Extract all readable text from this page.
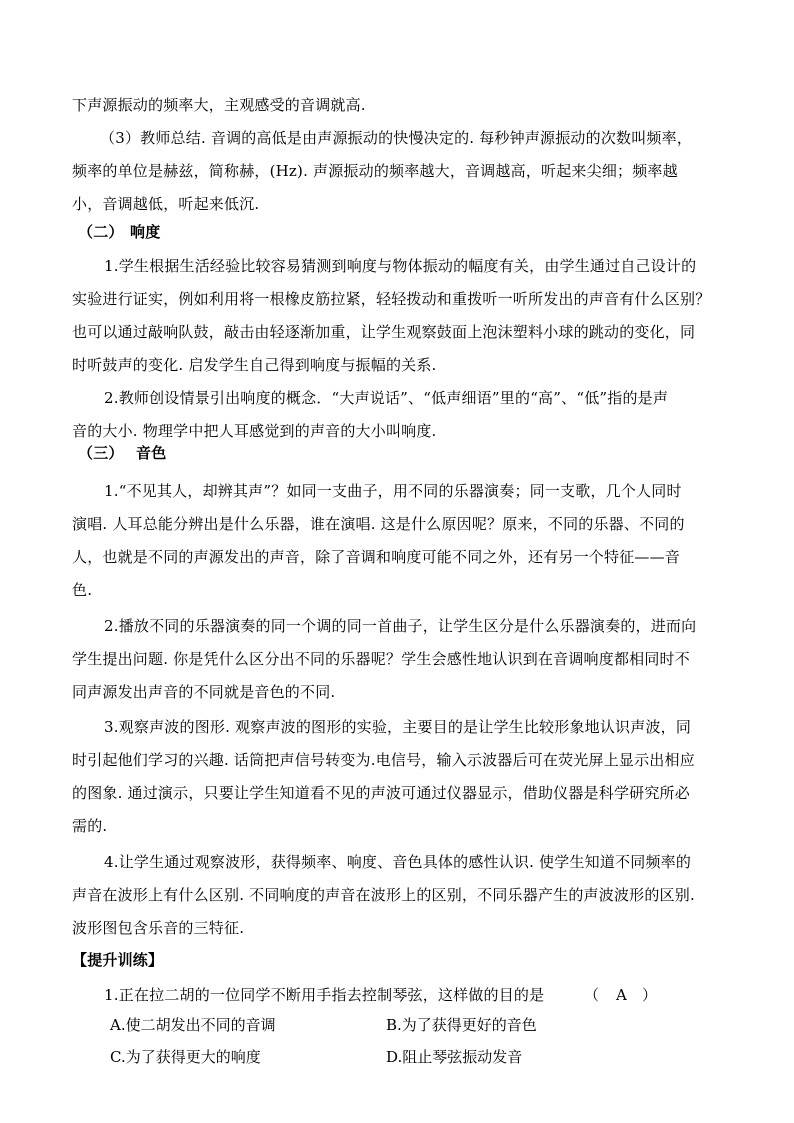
下声源振动的频率大，主观感受的音调就高.
（3）教师总结. 音调的高低是由声源振动的快慢决定的. 每秒钟声源振动的次数叫频率，
频率的单位是赫兹，简称赫，(Hz). 声源振动的频率越大，音调越高，听起来尖细；频率越
小，音调越低，听起来低沉.
（二） 响度
1.学生根据生活经验比较容易猜测到响度与物体振动的幅度有关，由学生通过自己设计的
实验进行证实，例如利用将一根橡皮筋拉紧，轻轻拨动和重拨听一听所发出的声音有什么区别？
也可以通过敲响队鼓，敲击由轻逐渐加重，让学生观察鼓面上泡沫塑料小球的跳动的变化，同
时听鼓声的变化. 启发学生自己得到响度与振幅的关系.
2.教师创设情景引出响度的概念．“大声说话”、“低声细语”里的“高”、“低”指的是声
音的大小. 物理学中把人耳感觉到的声音的大小叫响度.
（三） 音色
1.“不见其人，却辨其声”？如同一支曲子，用不同的乐器演奏；同一支歌，几个人同时
演唱. 人耳总能分辨出是什么乐器，谁在演唱. 这是什么原因呢？原来，不同的乐器、不同的
人，也就是不同的声源发出的声音，除了音调和响度可能不同之外，还有另一个特征——音
色.
2.播放不同的乐器演奏的同一个调的同一首曲子，让学生区分是什么乐器演奏的，进而向
学生提出问题. 你是凭什么区分出不同的乐器呢？学生会感性地认识到在音调响度都相同时不
同声源发出声音的不同就是音色的不同.
3.观察声波的图形. 观察声波的图形的实验，主要目的是让学生比较形象地认识声波，同
时引起他们学习的兴趣. 话筒把声信号转变为.电信号，输入示波器后可在荧光屏上显示出相应
的图象. 通过演示，只要让学生知道看不见的声波可通过仪器显示，借助仪器是科学研究所必
需的.
4.让学生通过观察波形，获得频率、响度、音色具体的感性认识. 使学生知道不同频率的
声音在波形上有什么区别. 不同响度的声音在波形上的区别，不同乐器产生的声波波形的区别.
波形图包含乐音的三特征.
【提升训练】
1.正在拉二胡的一位同学不断用手指去控制琴弦，这样做的目的是	（ A ）
A.使二胡发出不同的音调	B.为了获得更好的音色
C.为了获得更大的响度	D.阻止琴弦振动发音
